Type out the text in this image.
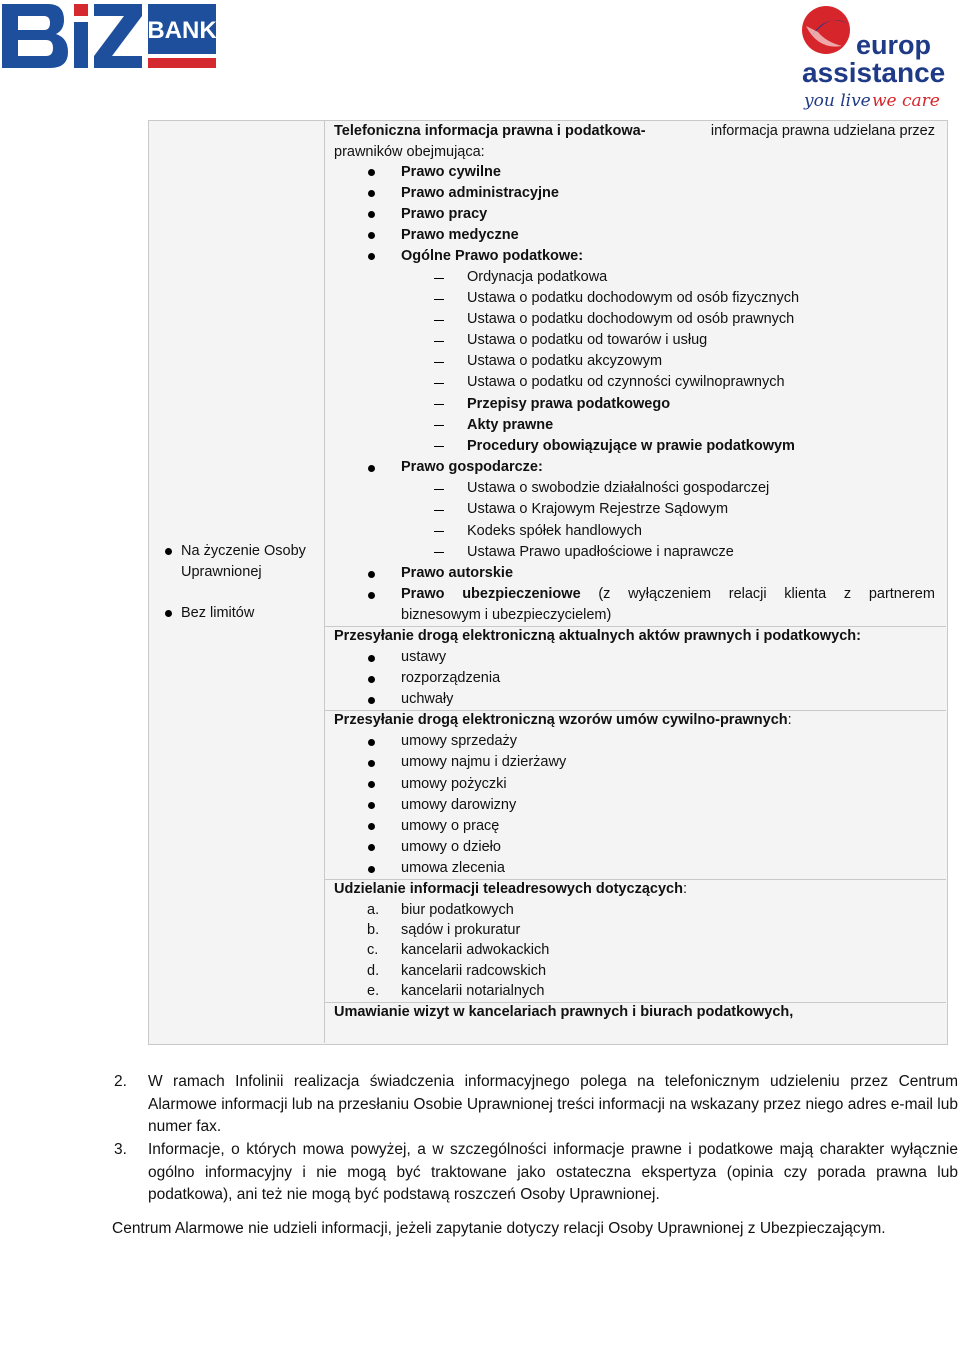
BANK	europ
assistance
you live we care
Na życzenie Osoby
Uprawnionej
Bez limitów
Telefoniczna informacja prawna i podatkowa-	informacja prawna udzielana przez
prawników obejmująca:
Prawo cywilne
Prawo administracyjne
Prawo pracy
Prawo medyczne
Ogólne Prawo podatkowe:
Ordynacja podatkowa
Ustawa o podatku dochodowym od osób fizycznych
Ustawa o podatku dochodowym od osób prawnych
Ustawa o podatku od towarów i usług
Ustawa o podatku akcyzowym
Ustawa o podatku od czynności cywilnoprawnych
Przepisy prawa podatkowego
Akty prawne
Procedury obowiązujące w prawie podatkowym
Prawo gospodarcze:
Ustawa o swobodzie działalności gospodarczej
Ustawa o Krajowym Rejestrze Sądowym
Kodeks spółek handlowych
Ustawa Prawo upadłościowe i naprawcze
Prawo autorskie
Prawo ubezpieczeniowe (z wyłączeniem relacji klienta z partnerem
biznesowym i ubezpieczycielem)
Przesyłanie drogą elektroniczną aktualnych aktów prawnych i podatkowych:
ustawy
rozporządzenia
uchwały
Przesyłanie drogą elektroniczną wzorów umów cywilno-prawnych:
umowy sprzedaży
umowy najmu i dzierżawy
umowy pożyczki
umowy darowizny
umowy o pracę
umowy o dzieło
umowa zlecenia
Udzielanie informacji teleadresowych dotyczących:
a. biur podatkowych
b. sądów i prokuratur
c. kancelarii adwokackich
d. kancelarii radcowskich
e. kancelarii notarialnych
Umawianie wizyt w kancelariach prawnych i biurach podatkowych,
2. W ramach Infolinii realizacja świadczenia informacyjnego polega na telefonicznym udzieleniu przez Centrum Alarmowe informacji lub na przesłaniu Osobie Uprawnionej treści informacji na wskazany przez niego adres e-mail lub numer fax.
3. Informacje, o których mowa powyżej, a w szczególności informacje prawne i podatkowe mają charakter wyłącznie ogólno informacyjny i nie mogą być traktowane jako ostateczna ekspertyza (opinia czy porada prawna lub podatkowa), ani też nie mogą być podstawą roszczeń Osoby Uprawnionej.
Centrum Alarmowe nie udzieli informacji, jeżeli zapytanie dotyczy relacji Osoby Uprawnionej z Ubezpieczającym.
